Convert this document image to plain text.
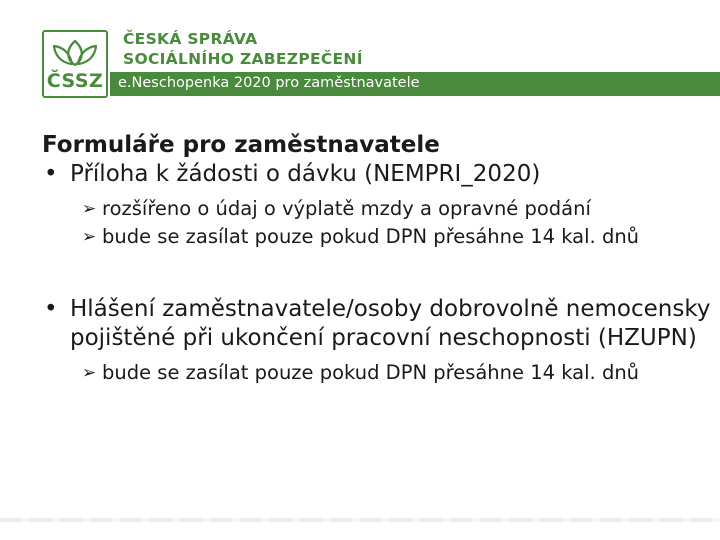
ČSSZ
ČESKÁ SPRÁVA
SOCIÁLNÍHO ZABEZPEČENÍ
e.Neschopenka 2020 pro zaměstnavatele
Formuláře pro zaměstnavatele
• Příloha k žádosti o dávku (NEMPRI_2020)
➢ rozšířeno o údaj o výplatě mzdy a opravné podání
➢ bude se zasílat pouze pokud DPN přesáhne 14 kal. dnů
• Hlášení zaměstnavatele/osoby dobrovolně nemocensky pojištěné při ukončení pracovní neschopnosti (HZUPN)
➢ bude se zasílat pouze pokud DPN přesáhne 14 kal. dnů
